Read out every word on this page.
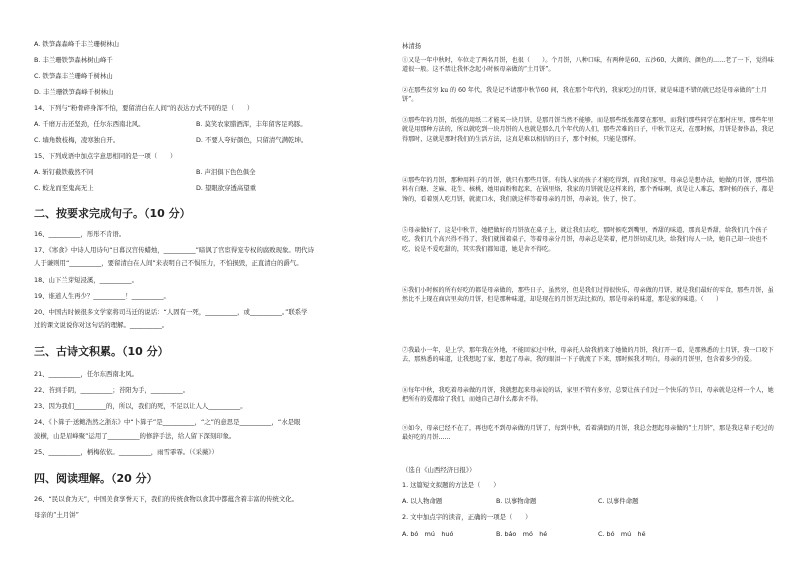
A. 铁笋森森峰千丰兰珊树林山
B. 丰兰珊铁笋森林树山峰千
C. 铁笋森丰兰珊峰千树林山
D. 丰兰珊铁笋森峰千树林山
14、下列与“粉骨碎身浑不怕，要留清白在人间”的表达方式不同的是（　　）
A. 千磨万击还坚劲，任尔东西南北风。	B. 莫笑农家腊酒浑，丰年留客足鸡豚。
C. 墙角数枝梅，凌寒独自开。	D. 不要人夸好颜色，只留清气满乾坤。
15、下列成语中加点字意思相同的是一项（　　）
A. 斩钉截铁截然不同	B. 声泪俱下色色俱全
C. 蛟龙而至鬼高无上	D. 望眼欲穿透高望重
二、按要求完成句子。（10 分）
16、__________，彤彤不肯语。
17、《寒食》中诗人用诗句“日暮汉宫传蜡烛，__________”暗讽了官宦得宠专权的腐败现象。明代诗
人于谦则用“__________，要留清白在人间”来表明自己不惧压力，不怕损毁，正直清白的爵气。
18、山下兰芽短浸溪，__________。
19、谁道人生再少？__________！__________。
20、中国古时候很多文学家将司马迁的说话：“人固有一死，__________，或__________。”联系学
过的课文说说你对这句话的理解。__________。
三、古诗文积累。（10 分）
21、__________，任尔东西南北风。
22、苔到手阴，__________；苔阳为手，__________。
23、因为我们__________的，所以，我们的死，不足以让人人__________。
24、《卜算子·送鲍浩然之浙东》中“卜算子”是__________，“之”的意思是__________，“水是眼
波横，山是眉峰聚”运用了__________的修辞手法，给人留下深刻印象。
25、__________，柄梅依依。__________，雨雪霏霏。（《采薇》）
四、阅读理解。（20 分）
26、“民以食为天”，中国美食享誉天下，我们的传统食物以食其中都蕴含着丰富的传统文化。
母亲的“土月饼”
林清扬
①又是一年中秋时，车位走了两名月饼，也很（　　）。个月饼，八种口味，有两种是60、五沙60、大颜的、颜色的……老了一下，觉得味道很一般。这不禁让我怀念起小时候母亲做的“土月饼”。
②在那些贫穷 ku 的 60 年代，我是记不请那中秋节60 间，我在那个年代的，我家吃过的月饼，就是味道不错的就已经是母亲做的“土月饼”。
③那些年的月饼，纸张的用纸二才能买一块月饼，是那月饼当然不能够，而是那些纸张都要在那里，而我们那些同学在那村庄里，那些年里就是用那种方法的，所以就吃到一块月饼的人也就是那么几个年代的人们，那些苦难的日子，中秋节这天，在那时候，月饼是奢侈品，我记得那时，这就是那时我们的生活方法，这真是难以相信的日子，那个时候，只能是那样。
④那些年的月饼，那种用料子的月饼，就只有那些月饼。有钱人家的孩子才能吃得到，而我们家里，母亲总是想办法，她做的月饼，那些馅料有白糖、芝麻、花生、核桃，她用面粉和起来，在锅里烙，我家的月饼就是这样来的，那个香味啊，真是让人难忘，那时候的孩子，都是馋的，看着别人吃月饼，就流口水，我们就这样等着母亲的月饼，母亲说，快了，快了。
⑤母亲做好了，这是中秋节，她把做好的月饼放在桌子上，就让我们去吃，那时候吃到嘴里，香甜的味道，那真是香甜，给我们几个孩子吃，我们几个高兴得不得了，我们就围着桌子，等着母亲分月饼，母亲总是笑着，把月饼切成几块，给我们每人一块，她自己却一块也不吃，说是不爱吃甜的，其实我们都知道，她是舍不得吃。
⑥我们小时候的所有好吃的都是母亲做的，那些日子，虽然穷，但是我们过得很快乐，母亲做的月饼，就是我们最好的零食，那些月饼，虽然比不上现在商店里卖的月饼，但是那种味道，却是现在的月饼无法比拟的，那是母亲的味道，那是家的味道。（　　）
⑦我最小一年，是上学，那年我在外地，不能回家过中秋，母亲托人给我捎来了她做的月饼，我打开一看，是那熟悉的土月饼，我一口咬下去，那熟悉的味道，让我想起了家，想起了母亲，我的眼泪一下子就流了下来，那时候我才明白，母亲的月饼里，包含着多少的爱。
⑧每年中秋，我吃着母亲做的月饼，我就想起来母亲说的话，家里不管有多穷，总要让孩子们过一个快乐的节日，母亲就是这样一个人，她把所有的爱都给了我们，而她自己却什么都舍不得。
⑨如今，母亲已经不在了，再也吃不到母亲做的月饼了，每到中秋，看着满街的月饼，我总会想起母亲做的“土月饼”，那是我这辈子吃过的最好吃的月饼……
（选自《山西经济日报》）
1. 这篇短文拟题的方法是（　　）
A. 以人物命题	B. 以事物命题	C. 以事件命题
2. 文中加点字的读音，正确的一项是（　　）
A. bó　mú　huó	B. báo　mó　hé	C. bó　mú　hé
